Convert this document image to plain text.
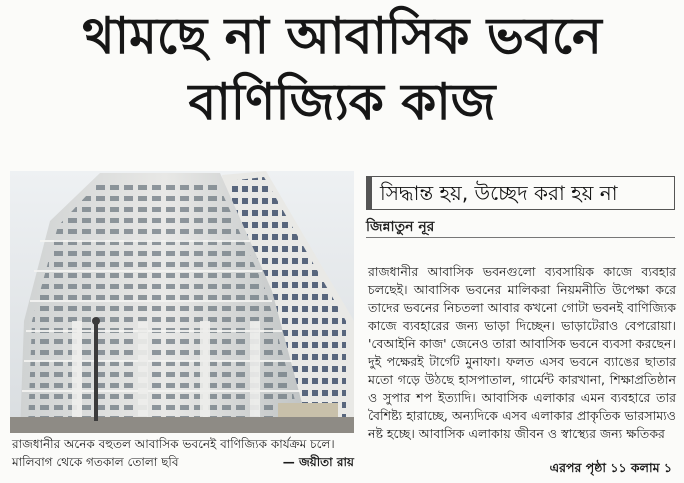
থামছে না আবাসিক ভবনে
বাণিজ্যিক কাজ
রাজধানীর অনেক বহুতল আবাসিক ভবনেই বাণিজ্যিক কার্যক্রম চলে। মালিবাগ থেকে গতকাল তোলা ছবি	— জয়ীতা রায়
সিদ্ধান্ত হয়, উচ্ছেদ করা হয় না
জিন্নাতুন নূর
রাজধানীর আবাসিক ভবনগুলো ব্যবসায়িক কাজে ব্যবহার চলছেই। আবাসিক ভবনের মালিকরা নিয়মনীতি উপেক্ষা করে তাদের ভবনের নিচতলা আবার কখনো গোটা ভবনই বাণিজ্যিক কাজে ব্যবহারের জন্য ভাড়া দিচ্ছেন। ভাড়াটেরাও বেপরোয়া। 'বেআইনি কাজ' জেনেও তারা আবাসিক ভবনে ব্যবসা করছেন। দুই পক্ষেরই টার্গেট মুনাফা। ফলত এসব ভবনে ব্যাঙের ছাতার মতো গড়ে উঠছে হাসপাতাল, গার্মেন্ট কারখানা, শিক্ষাপ্রতিষ্ঠান ও সুপার শপ ইত্যাদি। আবাসিক এলাকার এমন ব্যবহারে তার বৈশিষ্ট্য হারাচ্ছে, অন্যদিকে এসব এলাকার প্রাকৃতিক ভারসাম্যও নষ্ট হচ্ছে। আবাসিক এলাকায় জীবন ও স্বাস্থ্যের জন্য ক্ষতিকর
এরপর পৃষ্ঠা ১১ কলাম ১
